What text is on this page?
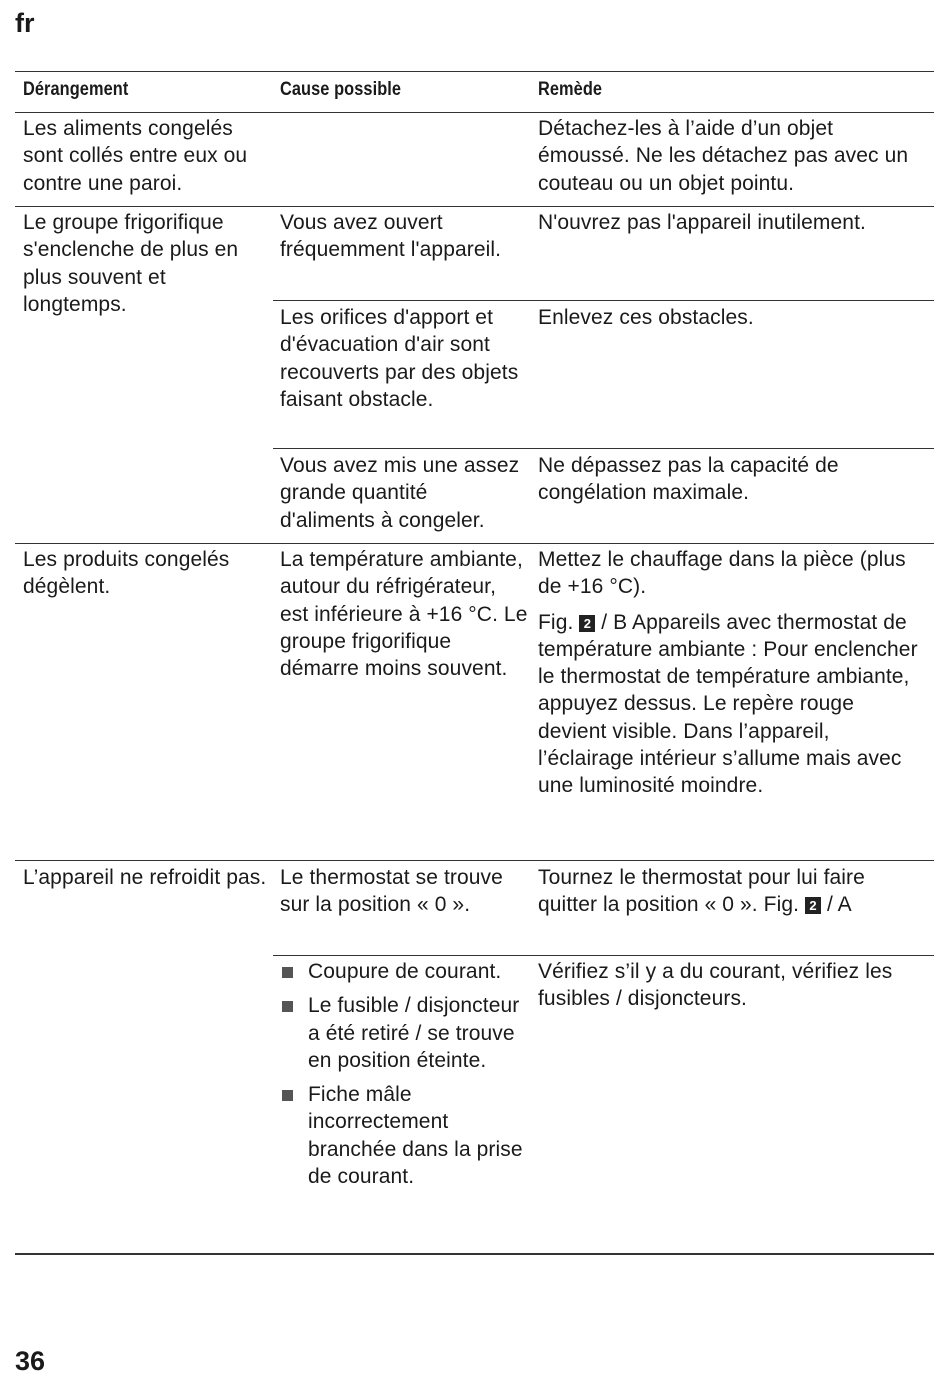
fr
Dérangement	Cause possible	Remède
Les aliments congelés sont collés entre eux ou contre une paroi.
Détachez-les à l’aide d’un objet émoussé. Ne les détachez pas avec un couteau ou un objet pointu.
Le groupe frigorifique s'enclenche de plus en plus souvent et longtemps.
Vous avez ouvert fréquemment l'appareil.
N'ouvrez pas l'appareil inutilement.
Les orifices d'apport et d'évacuation d'air sont recouverts par des objets faisant obstacle.
Enlevez ces obstacles.
Vous avez mis une assez grande quantité d'aliments à congeler.
Ne dépassez pas la capacité de congélation maximale.
Les produits congelés dégèlent.
La température ambiante, autour du réfrigérateur, est inférieure à +16 °C. Le groupe frigorifique démarre moins souvent.
Mettez le chauffage dans la pièce (plus de +16 °C).
Fig. 2 / B Appareils avec thermostat de température ambiante : Pour enclencher le thermostat de température ambiante, appuyez dessus. Le repère rouge devient visible. Dans l’appareil, l’éclairage intérieur s’allume mais avec une luminosité moindre.
L’appareil ne refroidit pas. Le thermostat se trouve sur la position « 0 ».
Tournez le thermostat pour lui faire quitter la position « 0 ». Fig. 2 / A
Coupure de courant.
Le fusible / disjoncteur a été retiré / se trouve en position éteinte.
Fiche mâle incorrectement branchée dans la prise de courant.
Vérifiez s’il y a du courant, vérifiez les fusibles / disjoncteurs.
36
